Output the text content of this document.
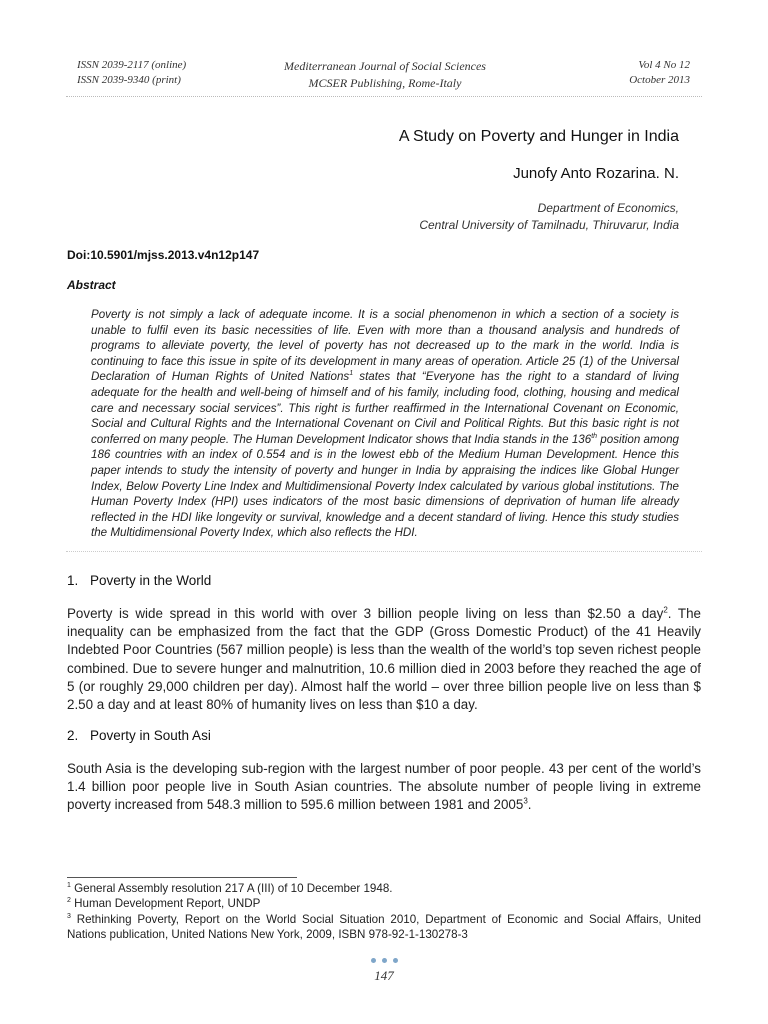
ISSN 2039-2117 (online)
ISSN 2039-9340 (print)
Mediterranean Journal of Social Sciences
MCSER Publishing, Rome-Italy
Vol 4 No 12
October 2013
A Study on Poverty and Hunger in India
Junofy Anto Rozarina. N.
Department of Economics,
Central University of Tamilnadu, Thiruvarur, India
Doi:10.5901/mjss.2013.v4n12p147
Abstract
Poverty is not simply a lack of adequate income. It is a social phenomenon in which a section of a society is unable to fulfil even its basic necessities of life. Even with more than a thousand analysis and hundreds of programs to alleviate poverty, the level of poverty has not decreased up to the mark in the world. India is continuing to face this issue in spite of its development in many areas of operation. Article 25 (1) of the Universal Declaration of Human Rights of United Nations$^1$ states that “Everyone has the right to a standard of living adequate for the health and well-being of himself and of his family, including food, clothing, housing and medical care and necessary social services”. This right is further reaffirmed in the International Covenant on Economic, Social and Cultural Rights and the International Covenant on Civil and Political Rights. But this basic right is not conferred on many people. The Human Development Indicator shows that India stands in the 136th position among 186 countries with an index of 0.554 and is in the lowest ebb of the Medium Human Development. Hence this paper intends to study the intensity of poverty and hunger in India by appraising the indices like Global Hunger Index, Below Poverty Line Index and Multidimensional Poverty Index calculated by various global institutions. The Human Poverty Index (HPI) uses indicators of the most basic dimensions of deprivation of human life already reflected in the HDI like longevity or survival, knowledge and a decent standard of living. Hence this study studies the Multidimensional Poverty Index, which also reflects the HDI.
1. Poverty in the World
Poverty is wide spread in this world with over 3 billion people living on less than $2.50 a day$^2$. The inequality can be emphasized from the fact that the GDP (Gross Domestic Product) of the 41 Heavily Indebted Poor Countries (567 million people) is less than the wealth of the world’s top seven richest people combined. Due to severe hunger and malnutrition, 10.6 million died in 2003 before they reached the age of 5 (or roughly 29,000 children per day). Almost half the world – over three billion people live on less than $ 2.50 a day and at least 80% of humanity lives on less than $10 a day.
2. Poverty in South Asi
South Asia is the developing sub-region with the largest number of poor people. 43 per cent of the world’s 1.4 billion poor people live in South Asian countries. The absolute number of people living in extreme poverty increased from 548.3 million to 595.6 million between 1981 and 2005$^3$.

$^1$ General Assembly resolution 217 A (III) of 10 December 1948.

$^2$ Human Development Report, UNDP

$^3$ Rethinking Poverty, Report on the World Social Situation 2010, Department of Economic and Social Affairs, United Nations publication, United Nations New York, 2009, ISBN 978-92-1-130278-3

147
